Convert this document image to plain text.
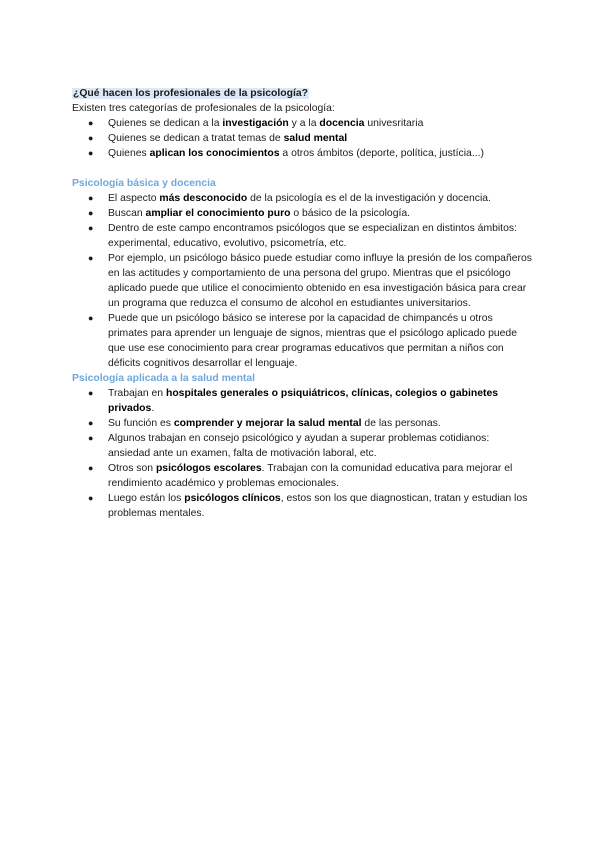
¿Qué hacen los profesionales de la psicología?

Existen tres categorías de profesionales de la psicología:

●	Quienes se dedican a la investigación y a la docencia univesritaria
●	Quienes se dedican a tratat temas de salud mental
●	Quienes aplican los conocimientos a otros ámbitos (deporte, política, justícia...)
Psicología básica y docencia
●	El aspecto más desconocido de la psicología es el de la investigación y docencia.
●	Buscan ampliar el conocimiento puro o básico de la psicología.
●	Dentro de este campo encontramos psicólogos que se especializan en distintos ámbitos: experimental, educativo, evolutivo, psicometría, etc.
●	Por ejemplo, un psicólogo básico puede estudiar como influye la presión de los compañeros en las actitudes y comportamiento de una persona del grupo. Mientras que el psicólogo aplicado puede que utilice el conocimiento obtenido en esa investigación básica para crear un programa que reduzca el consumo de alcohol en estudiantes universitarios.
●	Puede que un psicólogo básico se interese por la capacidad de chimpancés u otros primates para aprender un lenguaje de signos, mientras que el psicólogo aplicado puede que use ese conocimiento para crear programas educativos que permitan a niños con déficits cognitivos desarrollar el lenguaje.
Psicología aplicada a la salud mental
●	Trabajan en hospitales generales o psiquiátricos, clínicas, colegios o gabinetes privados.
●	Su función es comprender y mejorar la salud mental de las personas.
●	Algunos trabajan en consejo psicológico y ayudan a superar problemas cotidianos: ansiedad ante un examen, falta de motivación laboral, etc.
●	Otros son psicólogos escolares. Trabajan con la comunidad educativa para mejorar el rendimiento académico y problemas emocionales.
●	Luego están los psicólogos clínicos, estos son los que diagnostican, tratan y estudian los problemas mentales.
